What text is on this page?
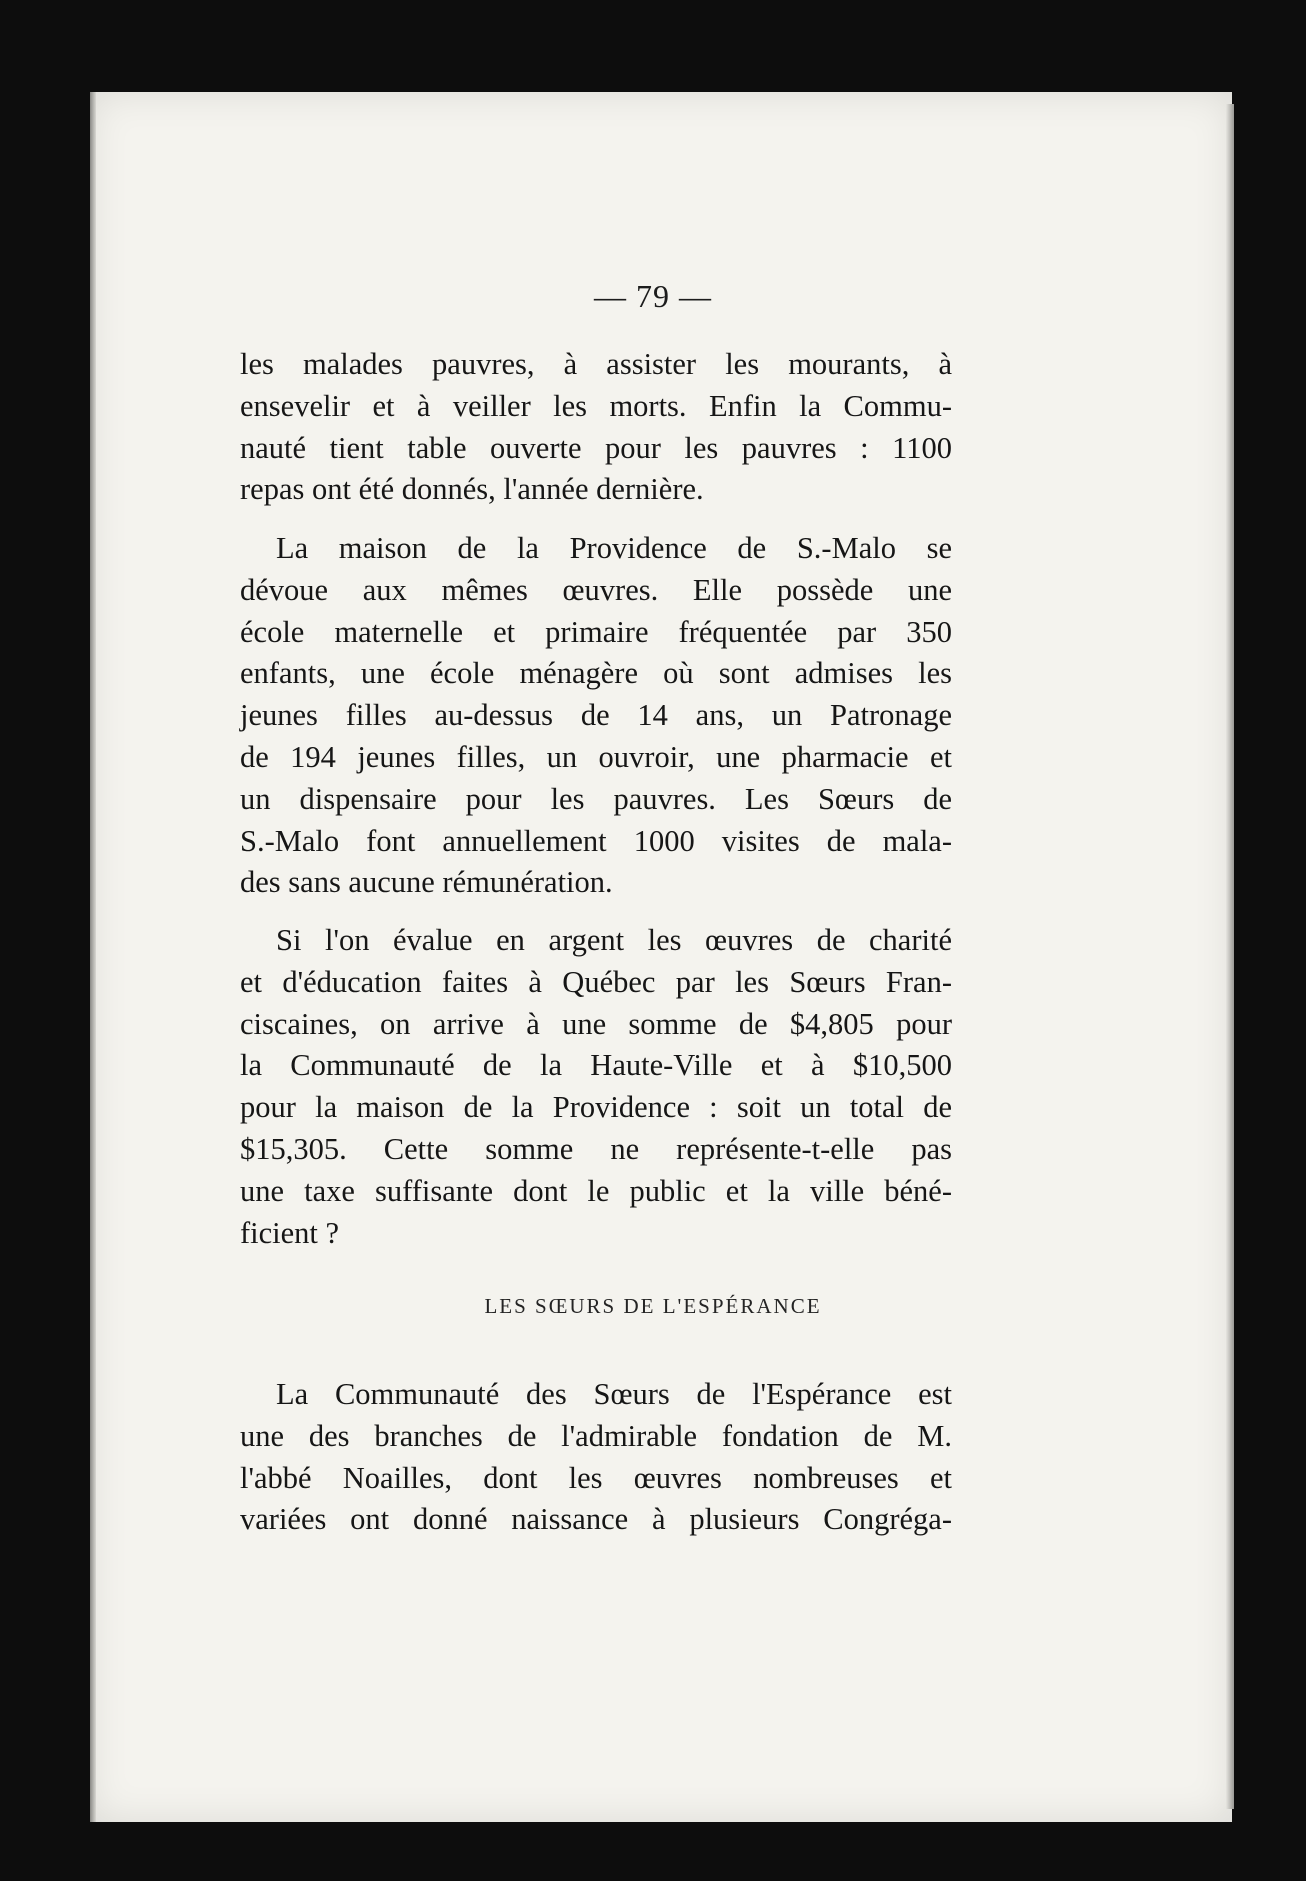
— 79 —
les malades pauvres, à assister les mourants, à
ensevelir et à veiller les morts. Enfin la Commu-
nauté tient table ouverte pour les pauvres : 1100
repas ont été donnés, l'année dernière.
La maison de la Providence de S.-Malo se
dévoue aux mêmes œuvres. Elle possède une
école maternelle et primaire fréquentée par 350
enfants, une école ménagère où sont admises les
jeunes filles au-dessus de 14 ans, un Patronage
de 194 jeunes filles, un ouvroir, une pharmacie et
un dispensaire pour les pauvres. Les Sœurs de
S.-Malo font annuellement 1000 visites de mala-
des sans aucune rémunération.
Si l'on évalue en argent les œuvres de charité
et d'éducation faites à Québec par les Sœurs Fran-
ciscaines, on arrive à une somme de $4,805 pour
la Communauté de la Haute-Ville et à $10,500
pour la maison de la Providence : soit un total de
$15,305. Cette somme ne représente-t-elle pas
une taxe suffisante dont le public et la ville béné-
ficient ?
LES SŒURS DE L'ESPÉRANCE
La Communauté des Sœurs de l'Espérance est
une des branches de l'admirable fondation de M.
l'abbé Noailles, dont les œuvres nombreuses et
variées ont donné naissance à plusieurs Congréga-
